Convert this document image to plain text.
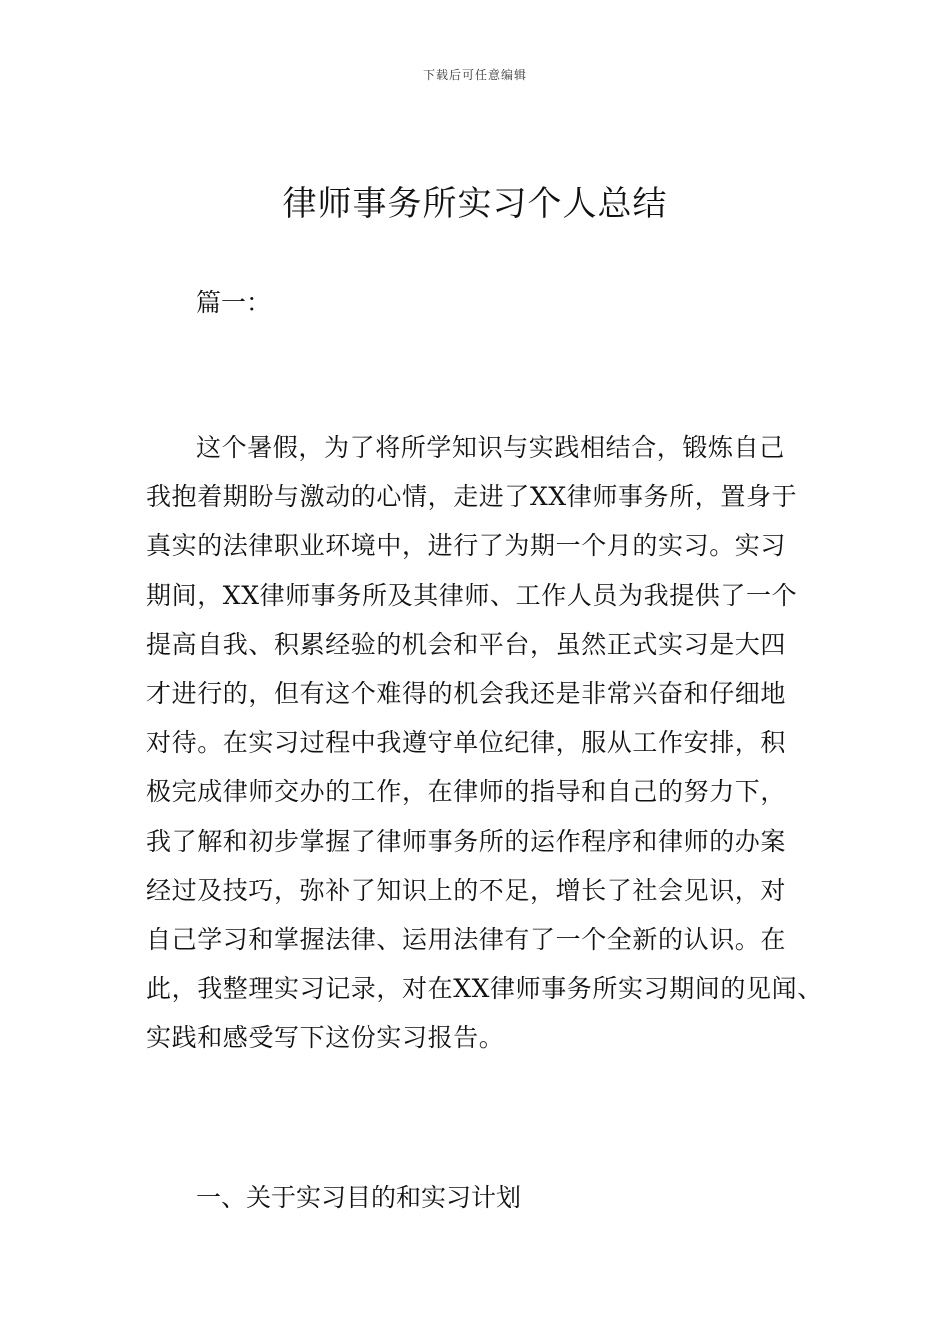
下载后可任意编辑
律师事务所实习个人总结

篇一：

这个暑假，为了将所学知识与实践相结合，锻炼自己
我抱着期盼与激动的心情，走进了XX律师事务所，置身于
真实的法律职业环境中，进行了为期一个月的实习。实习
期间，XX律师事务所及其律师、工作人员为我提供了一个
提高自我、积累经验的机会和平台，虽然正式实习是大四
才进行的，但有这个难得的机会我还是非常兴奋和仔细地
对待。在实习过程中我遵守单位纪律，服从工作安排，积
极完成律师交办的工作，在律师的指导和自己的努力下，
我了解和初步掌握了律师事务所的运作程序和律师的办案
经过及技巧，弥补了知识上的不足，增长了社会见识，对
自己学习和掌握法律、运用法律有了一个全新的认识。在
此，我整理实习记录，对在XX律师事务所实习期间的见闻、
实践和感受写下这份实习报告。

一、关于实习目的和实习计划
